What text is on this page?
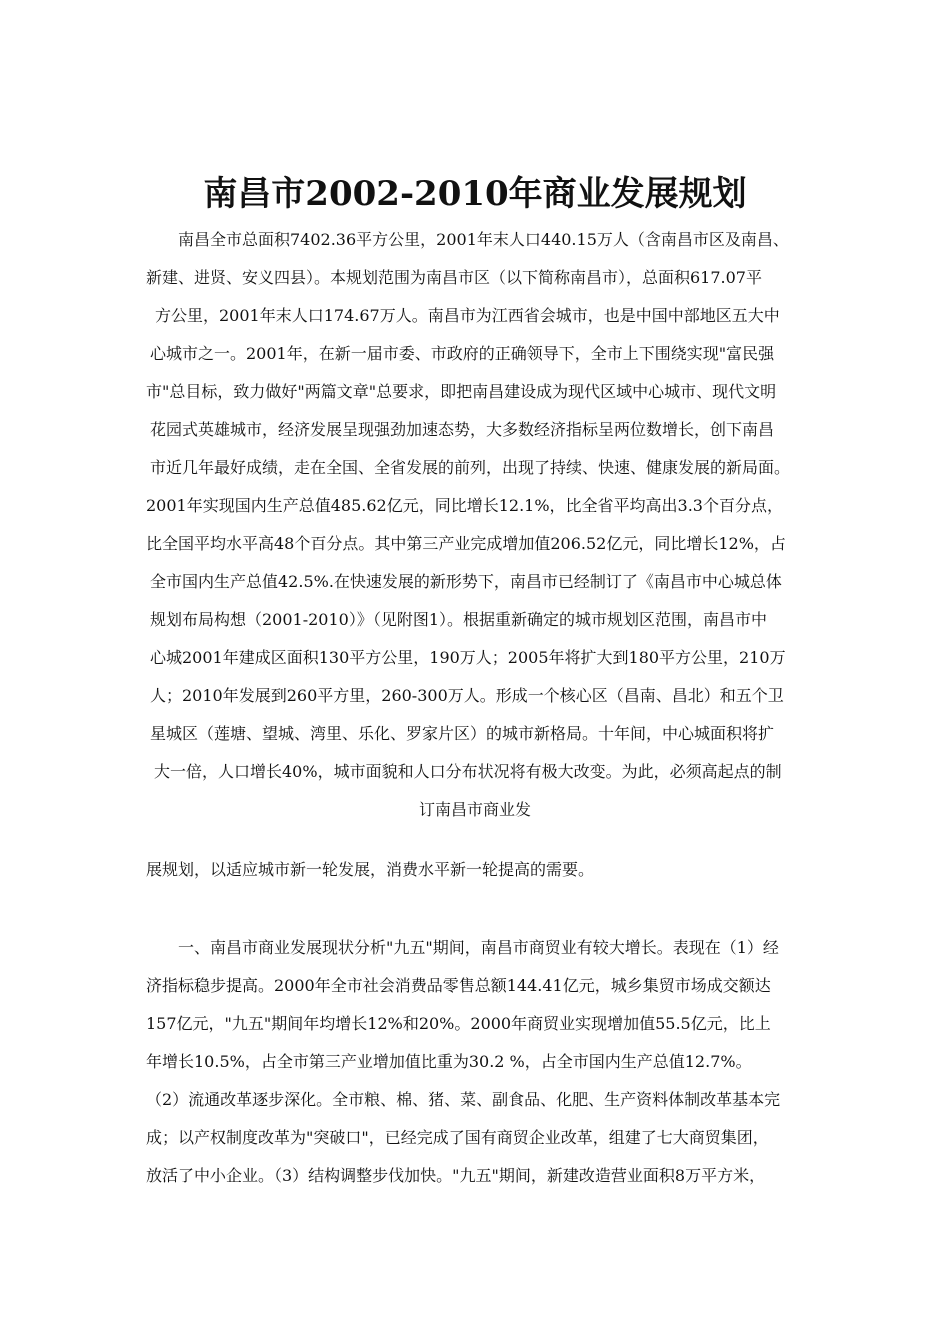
南昌市2002-2010年商业发展规划
南昌全市总面积7402.36平方公里，2001年末人口440.15万人（含南昌市区及南昌、
新建、进贤、安义四县）。本规划范围为南昌市区（以下简称南昌市），总面积617.07平
方公里，2001年末人口174.67万人。南昌市为江西省会城市，也是中国中部地区五大中
心城市之一。2001年，在新一届市委、市政府的正确领导下，全市上下围绕实现"富民强
市"总目标，致力做好"两篇文章"总要求，即把南昌建设成为现代区域中心城市、现代文明
花园式英雄城市，经济发展呈现强劲加速态势，大多数经济指标呈两位数增长，创下南昌
市近几年最好成绩，走在全国、全省发展的前列，出现了持续、快速、健康发展的新局面。
2001年实现国内生产总值485.62亿元，同比增长12.1%，比全省平均高出3.3个百分点，
比全国平均水平高48个百分点。其中第三产业完成增加值206.52亿元，同比增长12%，占
全市国内生产总值42.5%.在快速发展的新形势下，南昌市已经制订了《南昌市中心城总体
规划布局构想（2001-2010）》（见附图1）。根据重新确定的城市规划区范围，南昌市中
心城2001年建成区面积130平方公里，190万人；2005年将扩大到180平方公里，210万
人；2010年发展到260平方里，260-300万人。形成一个核心区（昌南、昌北）和五个卫
星城区（莲塘、望城、湾里、乐化、罗家片区）的城市新格局。十年间，中心城面积将扩
大一倍，人口增长40%，城市面貌和人口分布状况将有极大改变。为此，必须高起点的制
订南昌市商业发
展规划，以适应城市新一轮发展，消费水平新一轮提高的需要。
一、南昌市商业发展现状分析"九五"期间，南昌市商贸业有较大增长。表现在（1）经
济指标稳步提高。2000年全市社会消费品零售总额144.41亿元，城乡集贸市场成交额达
157亿元，"九五"期间年均增长12%和20%。2000年商贸业实现增加值55.5亿元，比上
年增长10.5%，占全市第三产业增加值比重为30.2 %，占全市国内生产总值12.7%。
（2）流通改革逐步深化。全市粮、棉、猪、菜、副食品、化肥、生产资料体制改革基本完
成；以产权制度改革为"突破口"，已经完成了国有商贸企业改革，组建了七大商贸集团，
放活了中小企业。（3）结构调整步伐加快。"九五"期间，新建改造营业面积8万平方米，
